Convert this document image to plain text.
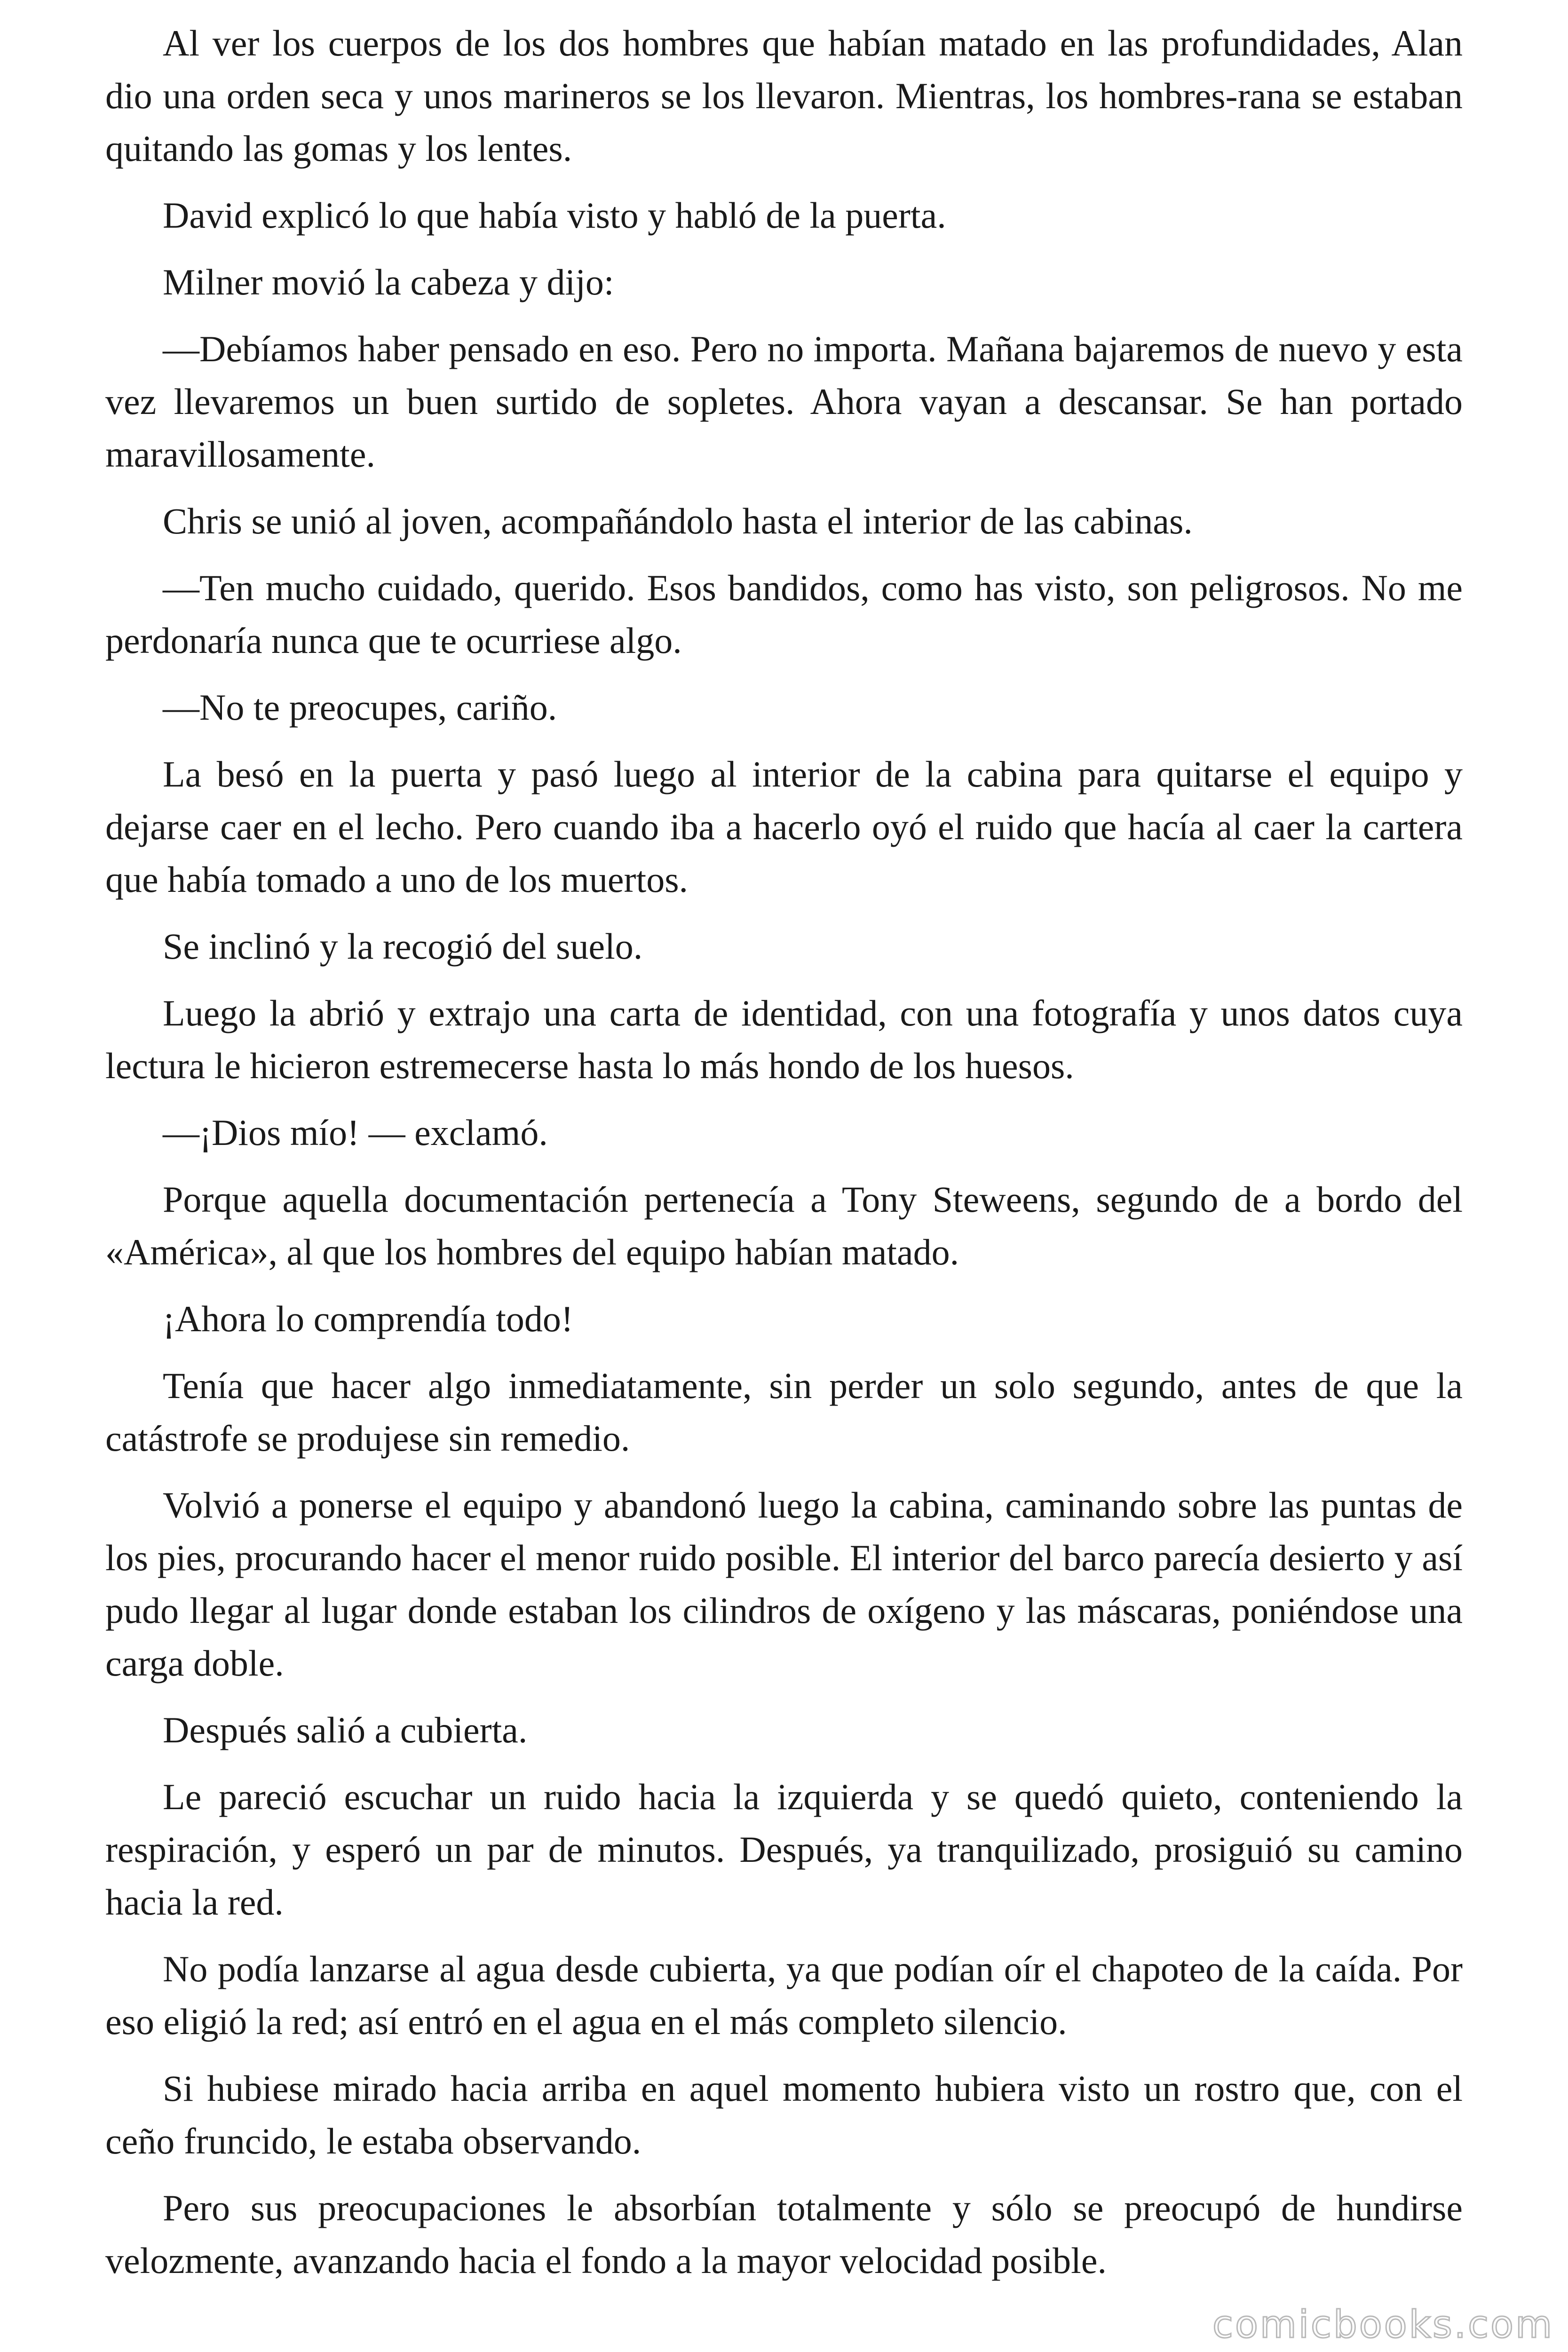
Al ver los cuerpos de los dos hombres que habían matado en las profundidades, Alan dio una orden seca y unos marineros se los llevaron. Mientras, los hombres-rana se estaban quitando las gomas y los lentes.

David explicó lo que había visto y habló de la puerta.

Milner movió la cabeza y dijo:

—Debíamos haber pensado en eso. Pero no importa. Mañana bajaremos de nuevo y esta vez llevaremos un buen surtido de sopletes. Ahora vayan a descansar. Se han portado maravillosamente.

Chris se unió al joven, acompañándolo hasta el interior de las cabinas.

—Ten mucho cuidado, querido. Esos bandidos, como has visto, son peligrosos. No me perdonaría nunca que te ocurriese algo.

—No te preocupes, cariño.

La besó en la puerta y pasó luego al interior de la cabina para quitarse el equipo y dejarse caer en el lecho. Pero cuando iba a hacerlo oyó el ruido que hacía al caer la cartera que había tomado a uno de los muertos.

Se inclinó y la recogió del suelo.

Luego la abrió y extrajo una carta de identidad, con una fotografía y unos datos cuya lectura le hicieron estremecerse hasta lo más hondo de los huesos.

—¡Dios mío! — exclamó.

Porque aquella documentación pertenecía a Tony Steweens, segundo de a bordo del «América», al que los hombres del equipo habían matado.

¡Ahora lo comprendía todo!

Tenía que hacer algo inmediatamente, sin perder un solo segundo, antes de que la catástrofe se produjese sin remedio.

Volvió a ponerse el equipo y abandonó luego la cabina, caminando sobre las puntas de los pies, procurando hacer el menor ruido posible. El interior del barco parecía desierto y así pudo llegar al lugar donde estaban los cilindros de oxígeno y las máscaras, poniéndose una carga doble.

Después salió a cubierta.

Le pareció escuchar un ruido hacia la izquierda y se quedó quieto, conteniendo la respiración, y esperó un par de minutos. Después, ya tranquilizado, prosiguió su camino hacia la red.

No podía lanzarse al agua desde cubierta, ya que podían oír el chapoteo de la caída. Por eso eligió la red; así entró en el agua en el más completo silencio.

Si hubiese mirado hacia arriba en aquel momento hubiera visto un rostro que, con el ceño fruncido, le estaba observando.

Pero sus preocupaciones le absorbían totalmente y sólo se preocupó de hundirse velozmente, avanzando hacia el fondo a la mayor velocidad posible.

comicbooks.com
